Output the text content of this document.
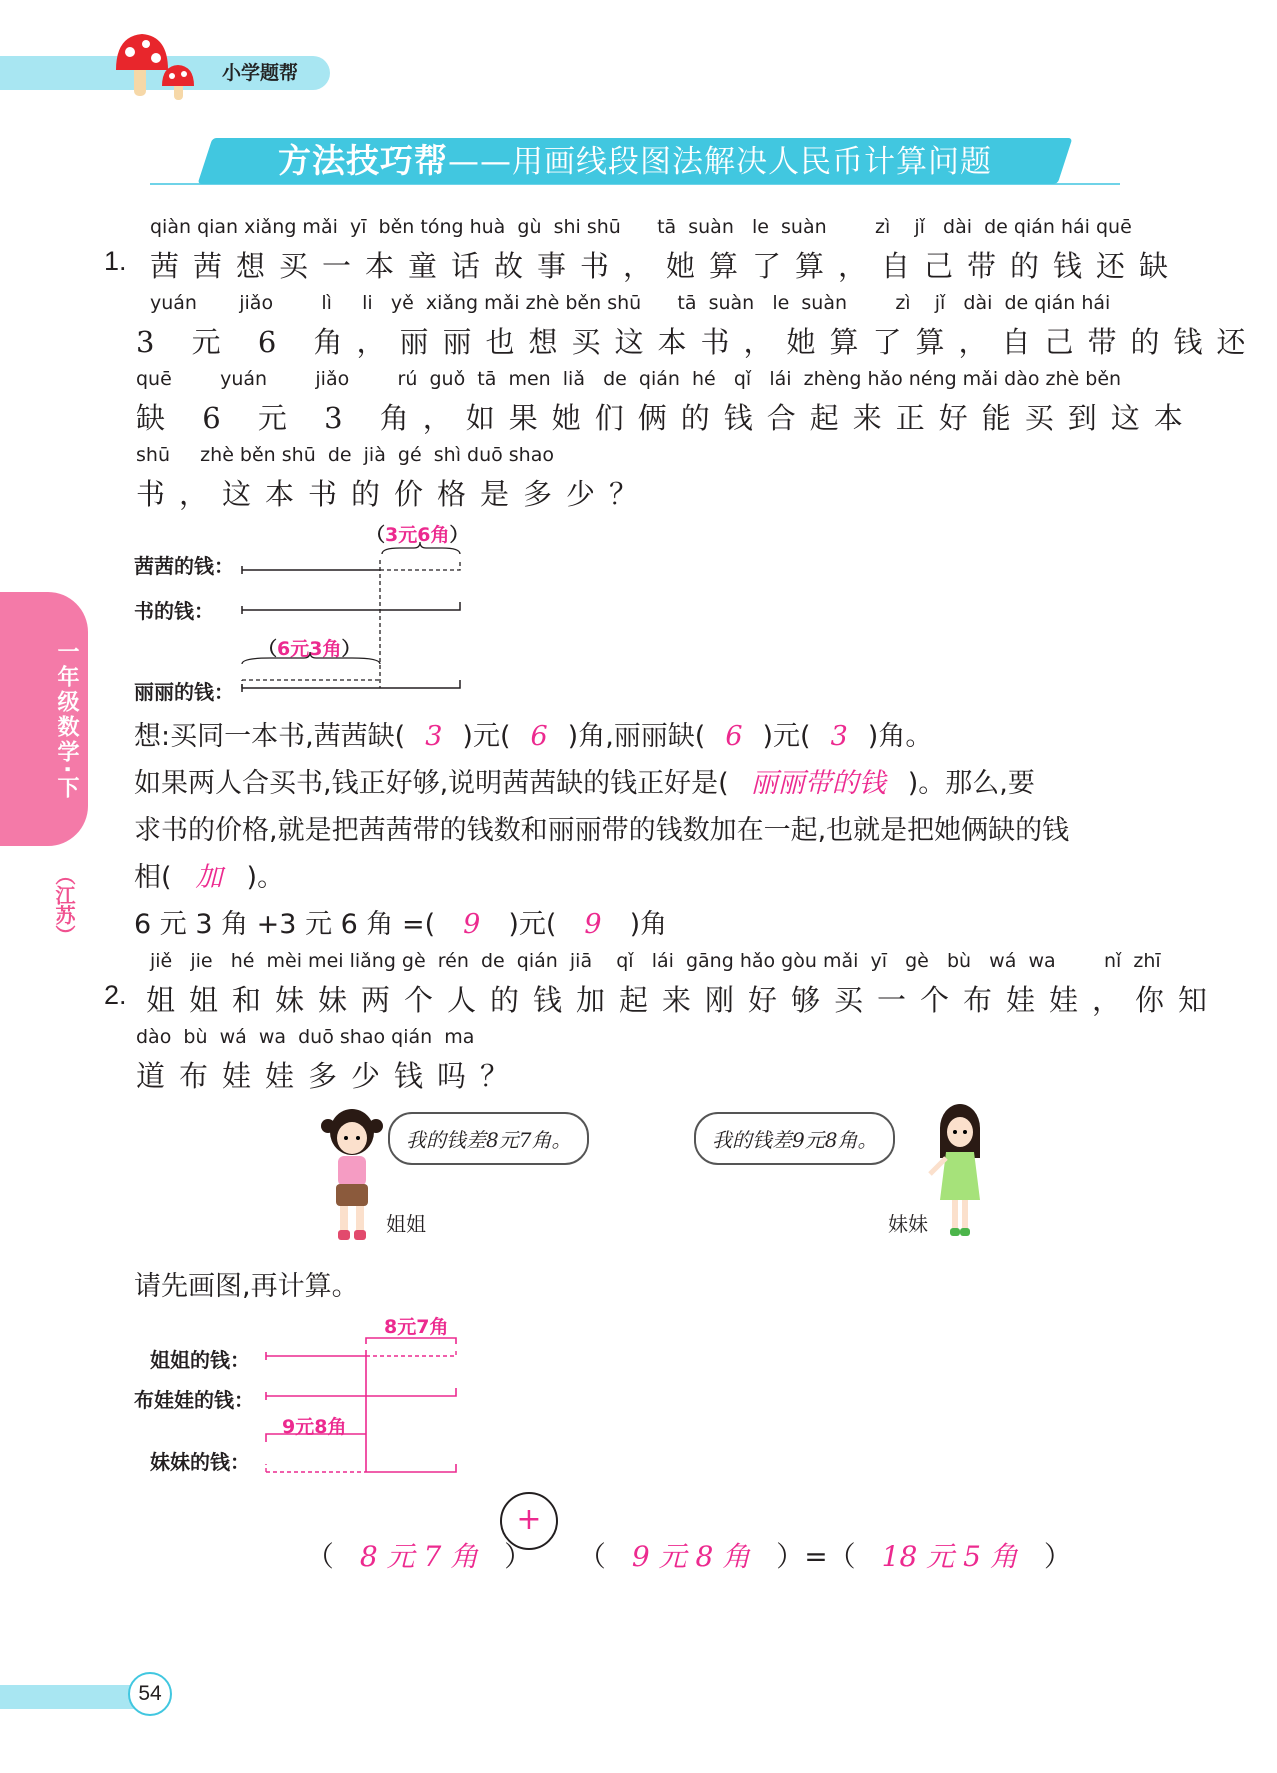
小学题帮
方法技巧帮——用画线段图法解决人民币计算问题
一年级数学·下
（江苏）
1.
qiàn qian xiǎng mǎi  yī  běn tóng huà  gù  shi shū      tā  suàn   le  suàn        zì    jǐ   dài  de qián hái quē
茜茜想买一本童话故事书，她算了算，自己带的钱还缺
yuán       jiǎo        lì     li   yě  xiǎng mǎi zhè běn shū      tā  suàn   le  suàn        zì    jǐ   dài  de qián hái
3 元 6 角，丽丽也想买这本书，她算了算，自己带的钱还
quē        yuán        jiǎo        rú  guǒ  tā  men  liǎ   de  qián  hé   qǐ   lái  zhèng hǎo néng mǎi dào zhè běn
缺 6 元 3 角，如果她们俩的钱合起来正好能买到这本
shū     zhè běn shū  de  jià  gé  shì duō shao
书，这本书的价格是多少？
茜茜的钱：
书的钱：
丽丽的钱：
（3元6角）
（6元3角）
想:买同一本书,茜茜缺( 3 )元( 6 )角,丽丽缺( 6 )元( 3 )角。
如果两人合买书,钱正好够,说明茜茜缺的钱正好是( 丽丽带的钱 )。那么,要
求书的价格,就是把茜茜带的钱数和丽丽带的钱数加在一起,也就是把她俩缺的钱
相( 加 )。
6 元 3 角 +3 元 6 角 =( 9 )元( 9 )角
2.
jiě   jie   hé  mèi mei liǎng gè  rén  de  qián  jiā    qǐ   lái  gāng hǎo gòu mǎi  yī   gè   bù   wá  wa        nǐ  zhī
姐姐和妹妹两个人的钱加起来刚好够买一个布娃娃，你知
dào  bù  wá  wa  duō shao qián  ma
道布娃娃多少钱吗？
我的钱差8元7角。
姐姐
我的钱差9元8角。
妹妹
请先画图,再计算。
姐姐的钱：
布娃娃的钱：
妹妹的钱：
8元7角
9元8角

（ 8 元 7 角 ）

+

（ 9 元 8 角 ）=（ 18 元 5 角 ）

54
